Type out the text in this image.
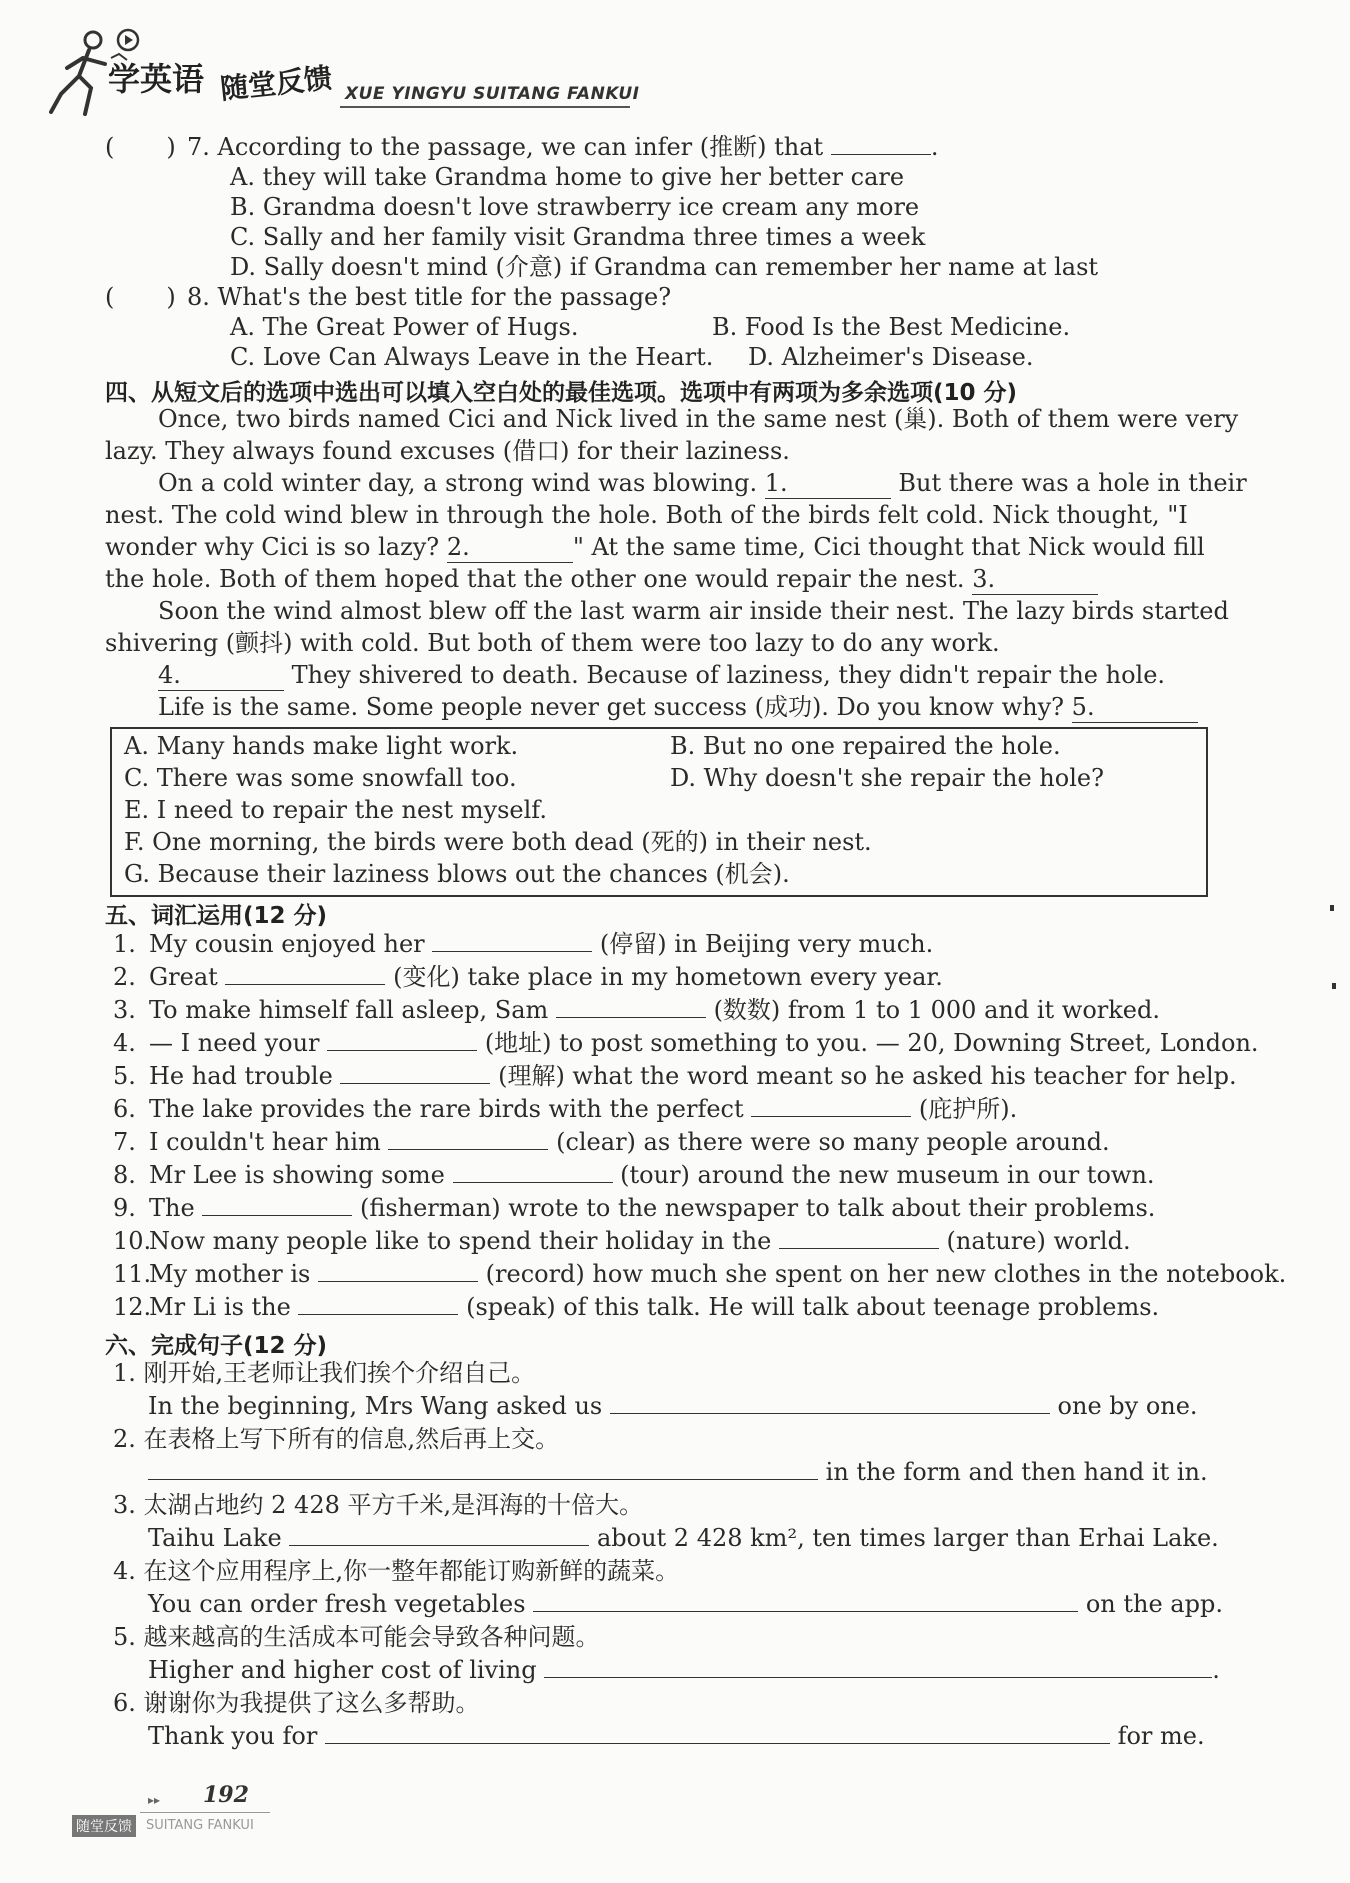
学英语 随堂反馈 XUE YINGYU SUITANG FANKUI
( ) 7. According to the passage, we can infer (推断) that	.
A. they will take Grandma home to give her better care
B. Grandma doesn't love strawberry ice cream any more
C. Sally and her family visit Grandma three times a week
D. Sally doesn't mind (介意) if Grandma can remember her name at last
( ) 8. What's the best title for the passage?
A. The Great Power of Hugs.	B. Food Is the Best Medicine.
C. Love Can Always Leave in the Heart. D. Alzheimer's Disease.
四、从短文后的选项中选出可以填入空白处的最佳选项。选项中有两项为多余选项(10 分)
Once, two birds named Cici and Nick lived in the same nest (巢). Both of them were very
lazy. They always found excuses (借口) for their laziness.
On a cold winter day, a strong wind was blowing. 1.	But there was a hole in their
nest. The cold wind blew in through the hole. Both of the birds felt cold. Nick thought, "I
wonder why Cici is so lazy? 2.	" At the same time, Cici thought that Nick would fill
the hole. Both of them hoped that the other one would repair the nest. 3.
Soon the wind almost blew off the last warm air inside their nest. The lazy birds started
shivering (颤抖) with cold. But both of them were too lazy to do any work.
4.	They shivered to death. Because of laziness, they didn't repair the hole.
Life is the same. Some people never get success (成功). Do you know why? 5.
A. Many hands make light work.	B. But no one repaired the hole.
C. There was some snowfall too.	D. Why doesn't she repair the hole?
E. I need to repair the nest myself.
F. One morning, the birds were both dead (死的) in their nest.
G. Because their laziness blows out the chances (机会).
五、词汇运用(12 分)
1. My cousin enjoyed her	(停留) in Beijing very much.
2. Great	(变化) take place in my hometown every year.
3. To make himself fall asleep, Sam	(数数) from 1 to 1 000 and it worked.
4. — I need your	(地址) to post something to you. — 20, Downing Street, London.
5. He had trouble	(理解) what the word meant so he asked his teacher for help.
6. The lake provides the rare birds with the perfect	(庇护所).
7. I couldn't hear him	(clear) as there were so many people around.
8. Mr Lee is showing some	(tour) around the new museum in our town.
9. The	(fisherman) wrote to the newspaper to talk about their problems.
10.Now many people like to spend their holiday in the	(nature) world.
11.My mother is	(record) how much she spent on her new clothes in the notebook.
12.Mr Li is the	(speak) of this talk. He will talk about teenage problems.
六、完成句子(12 分)
1. 刚开始,王老师让我们挨个介绍自己。
In the beginning, Mrs Wang asked us	one by one.
2. 在表格上写下所有的信息,然后再上交。
in the form and then hand it in.
3. 太湖占地约 2 428 平方千米,是洱海的十倍大。
Taihu Lake	about 2 428 km², ten times larger than Erhai Lake.
4. 在这个应用程序上,你一整年都能订购新鲜的蔬菜。
You can order fresh vegetables	on the app.
5. 越来越高的生活成本可能会导致各种问题。
Higher and higher cost of living	.
6. 谢谢你为我提供了这么多帮助。
Thank you for	for me.
▸▸ 192
随堂反馈	SUITANG FANKUI
